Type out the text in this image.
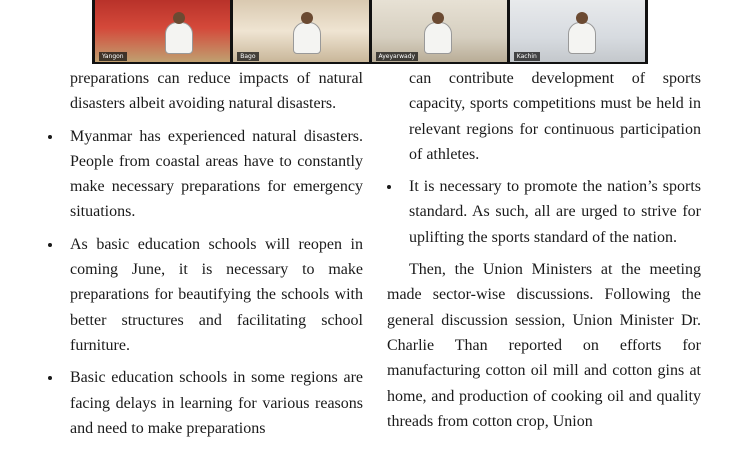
Yangon	Bago	Ayeyarwady	Kachin
preparations can reduce impacts of natural disasters albeit avoiding natural disasters.
Myanmar has experienced natural disasters. People from coastal areas have to constantly make necessary preparations for emergency situations.
As basic education schools will reopen in coming June, it is necessary to make preparations for beautifying the schools with better structures and facilitating school furniture.
Basic education schools in some regions are facing delays in learning for various reasons and need to make preparations
can contribute development of sports capacity, sports competitions must be held in relevant regions for continuous participation of athletes.
It is necessary to promote the nation’s sports standard. As such, all are urged to strive for uplifting the sports standard of the nation.

Then, the Union Ministers at the meeting made sector-wise discussions. Following the general discussion session, Union Minister Dr. Charlie Than reported on efforts for manufacturing cotton oil mill and cotton gins at home, and production of cooking oil and quality threads from cotton crop, Union
